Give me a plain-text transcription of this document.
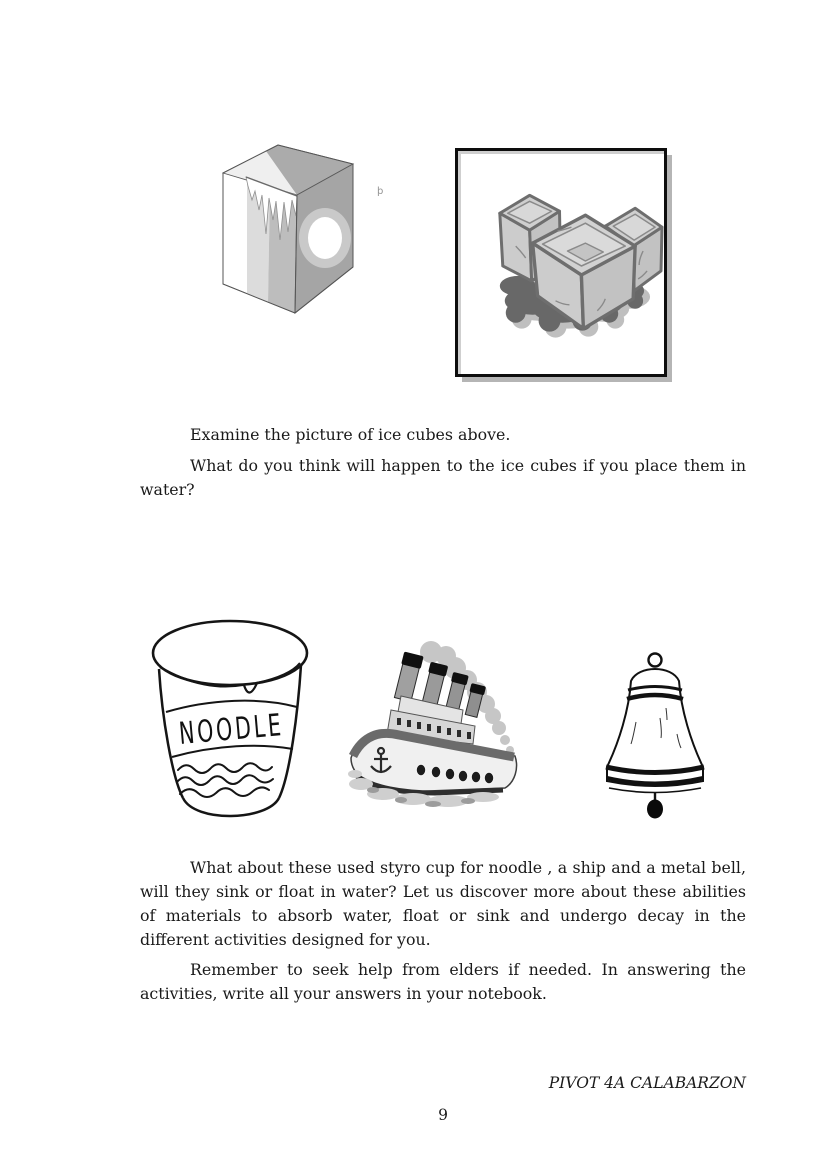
þ

Examine the picture of ice cubes above.

What do you think will happen to the ice cubes if you place them in water?

NOODLE

What about these used styro cup for noodle , a ship and a metal bell, will they sink or float in water? Let us discover more about these abilities of materials to absorb water, float or sink and undergo decay in the different activities designed for you.

Remember to seek help from elders if needed. In answering the activities, write all your answers in your notebook.

PIVOT 4A CALABARZON
9
